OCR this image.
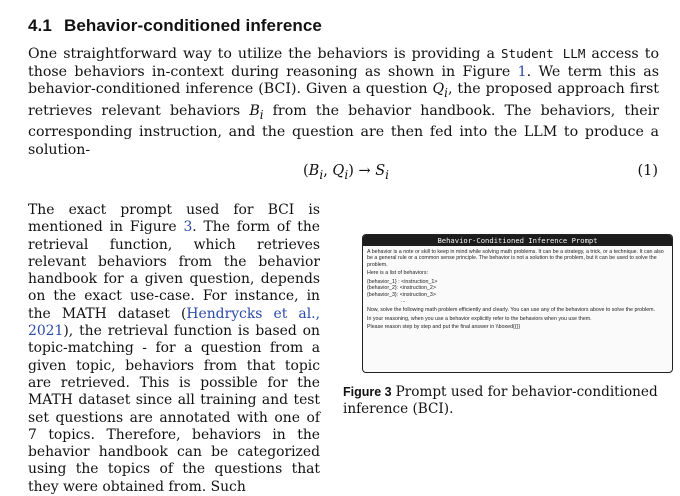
4.1 Behavior-conditioned inference
One straightforward way to utilize the behaviors is providing a Student LLM access to those behaviors in-context during reasoning as shown in Figure 1. We term this as behavior-conditioned inference (BCI). Given a question $Q_i$, the proposed approach first retrieves relevant behaviors $B_i$ from the behavior handbook. The behaviors, their corresponding instruction, and the question are then fed into the LLM to produce a solution-
($B_i$, $Q_i) \to S_i$	(1)
The exact prompt used for BCI is mentioned in Figure 3. The form of the retrieval function, which retrieves relevant behaviors from the behavior handbook for a given question, depends on the exact use-case. For instance, in the MATH dataset (Hendrycks et al., 2021), the retrieval function is based on topic-matching - for a question from a given topic, behaviors from that topic are retrieved. This is possible for the MATH dataset since all training and test set questions are annotated with one of 7 topics. Therefore, behaviors in the behavior handbook can be categorized using the topics of the questions that they were obtained from. Such
Behavior-Conditioned Inference Prompt

A behavior is a note or skill to keep in mind while solving math problems. It can be a strategy, a trick, or a technique. It can also be a general rule or a common sense principle. The behavior is not a solution to the problem, but it can be used to solve the problem.

Here is a list of behaviors:

{behavior_1} : <instruction_1>
{behavior_2}: <instruction_2>
{behavior_3}: <instruction_3>

...

Now, solve the following math problem efficiently and clearly. You can use any of the behaviors above to solve the problem.

In your reasoning, when you use a behavior explicitly refer to the behaviors when you use them.

Please reason step by step and put the final answer in \\boxed{{}}

Figure 3 Prompt used for behavior-conditioned inference (BCI).
